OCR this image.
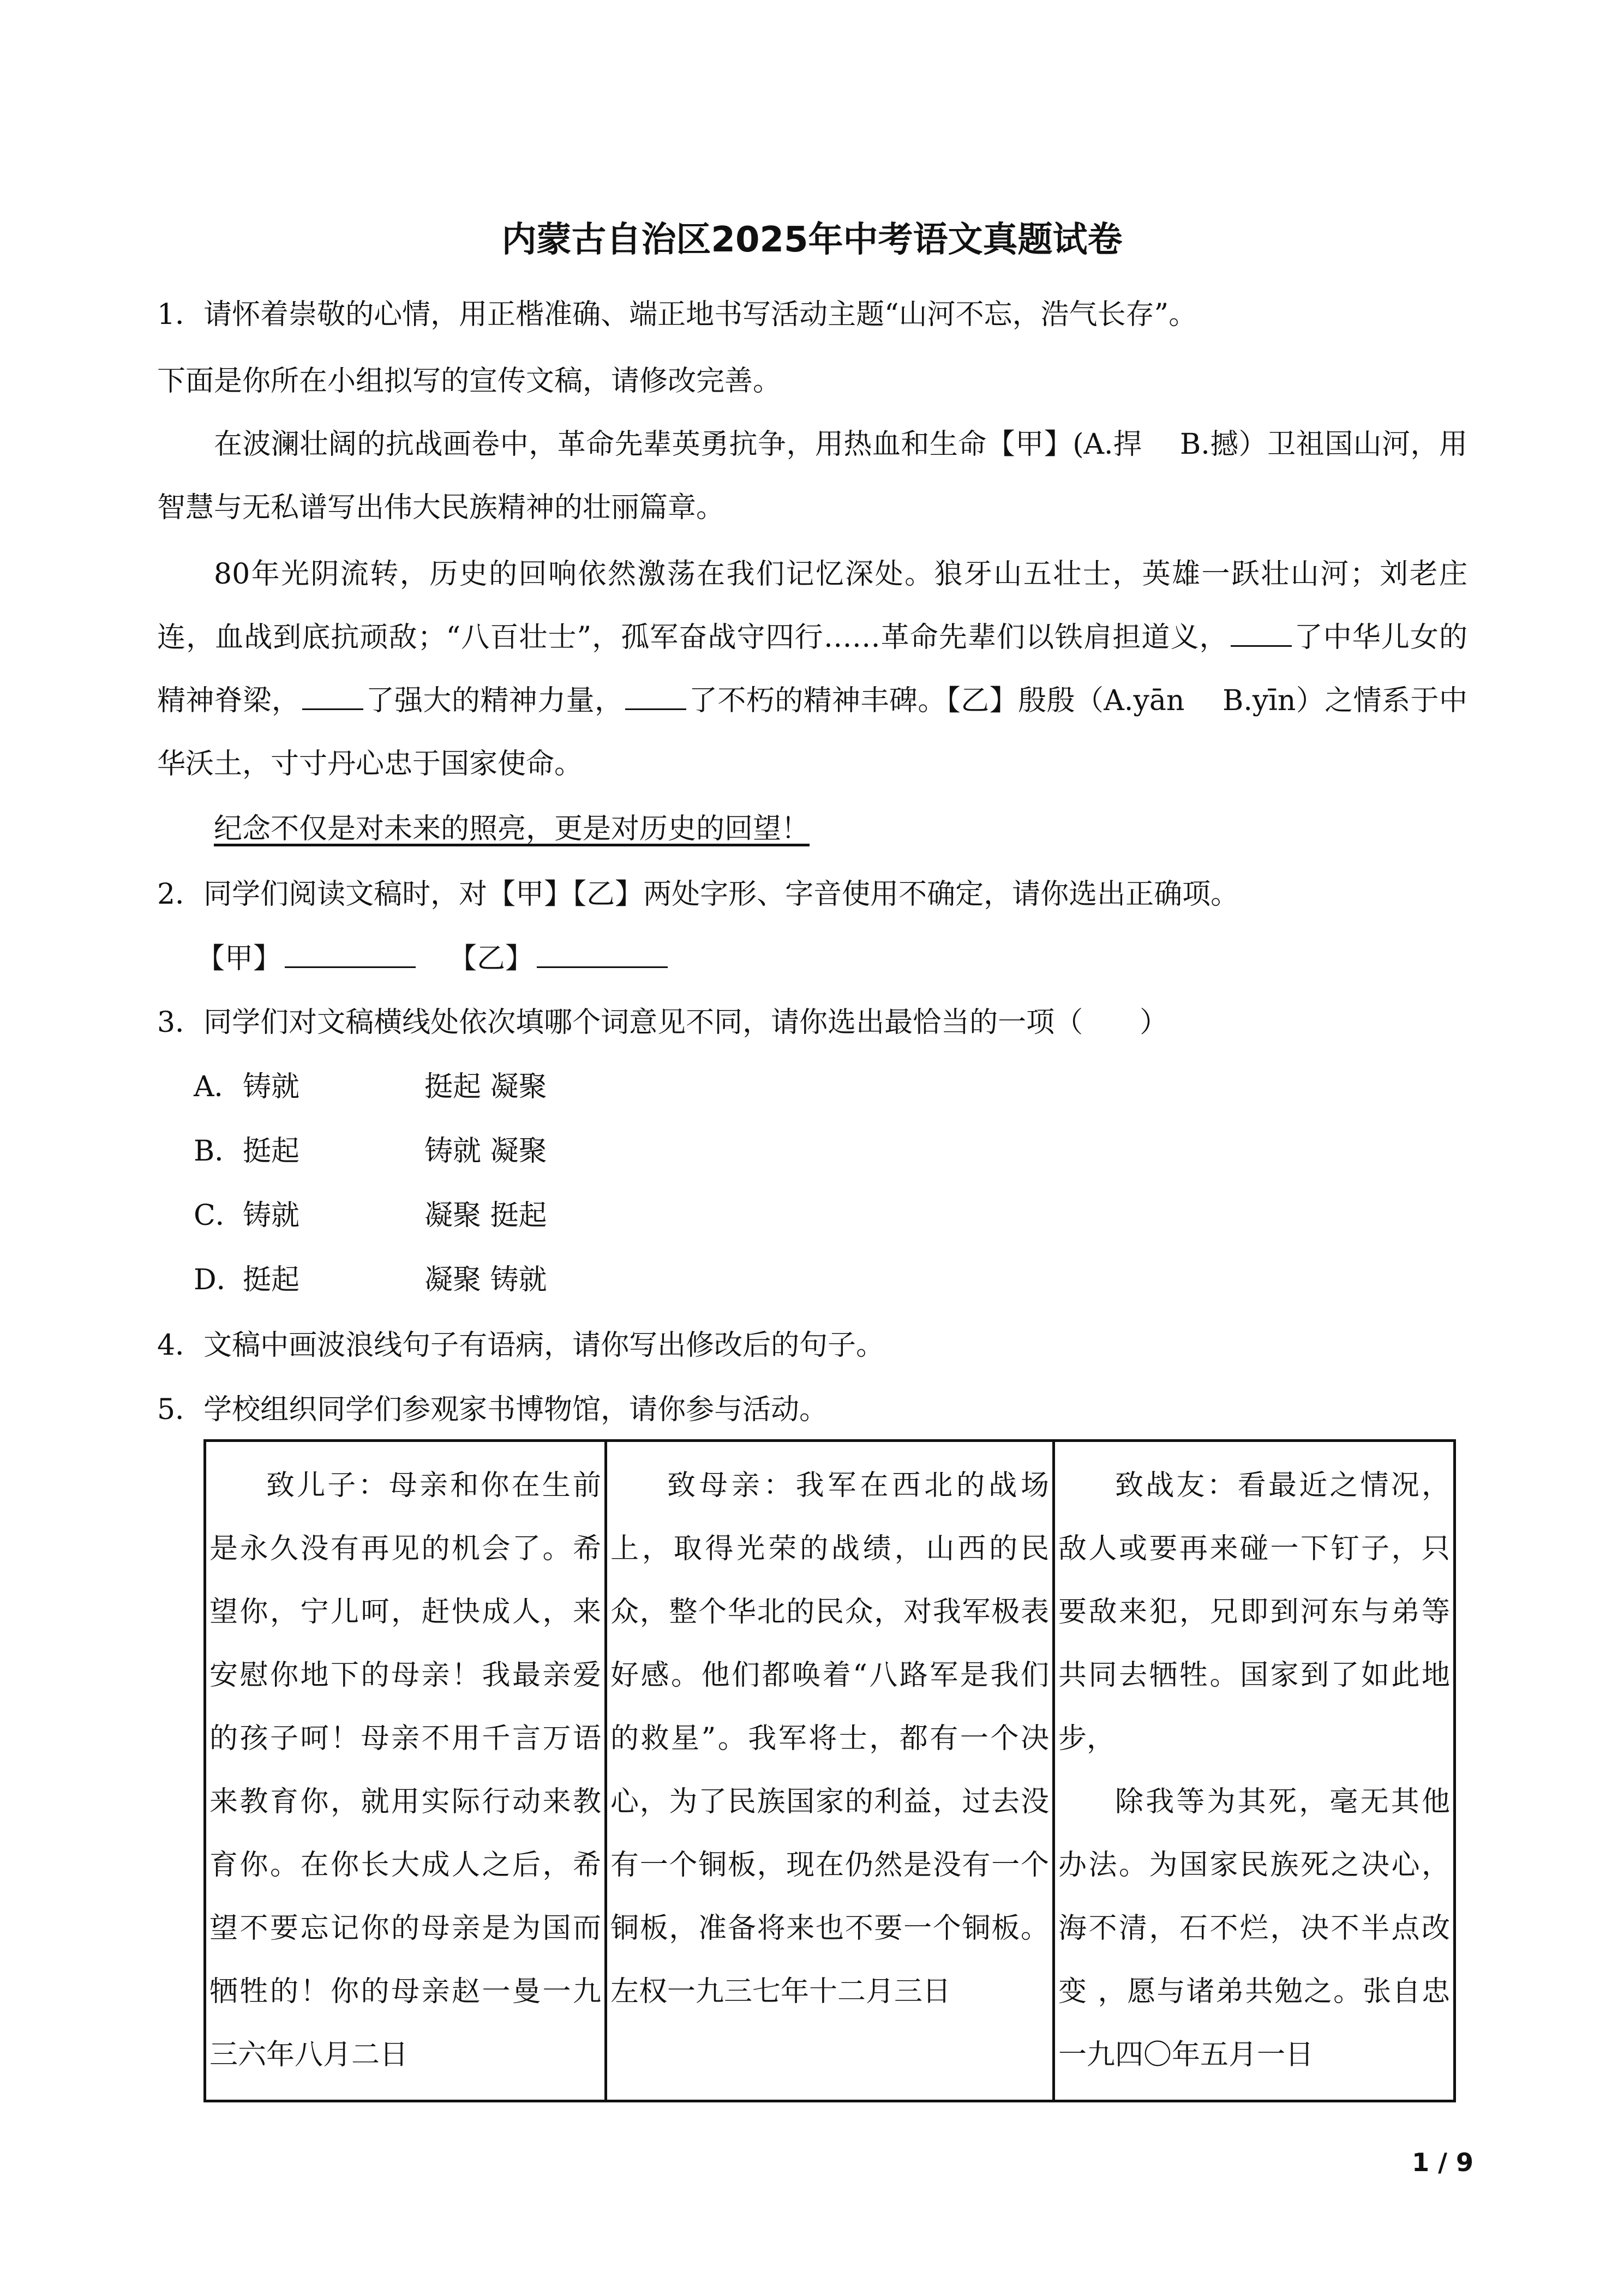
内蒙古自治区2025年中考语文真题试卷

1．请怀着崇敬的心情，用正楷准确、端正地书写活动主题“山河不忘，浩气长存”。

下面是你所在小组拟写的宣传文稿，请修改完善。

在波澜壮阔的抗战画卷中，革命先辈英勇抗争，用热血和生命【甲】(A.捍　 B.撼）卫祖国山河，用智慧与无私谱写出伟大民族精神的壮丽篇章。

80年光阴流转，历史的回响依然激荡在我们记忆深处。狼牙山五壮士，英雄一跃壮山河；刘老庄连，血战到底抗顽敌；“八百壮士”，孤军奋战守四行……革命先辈们以铁肩担道义， 了中华儿女的精神脊梁， 了强大的精神力量， 了不朽的精神丰碑。【乙】殷殷（A.yān　 B.yīn）之情系于中华沃土，寸寸丹心忠于国家使命。

纪念不仅是对未来的照亮，更是对历史的回望！

2．同学们阅读文稿时，对【甲】【乙】两处字形、字音使用不确定，请你选出正确项。

【甲】	【乙】

3．同学们对文稿横线处依次填哪个词意见不同，请你选出最恰当的一项（　　）

A． 铸就	挺起 凝聚
B． 挺起	铸就 凝聚
C．
铸就	凝聚 挺起
D．
挺起	凝聚 铸就

4．文稿中画波浪线句子有语病，请你写出修改后的句子。

5．学校组织同学们参观家书博物馆，请你参与活动。

致儿子：母亲和你在生前是永久没有再见的机会了。希望你，宁儿呵，赶快成人，来安慰你地下的母亲！我最亲爱的孩子呵！母亲不用千言万语来教育你，就用实际行动来教育你。在你长大成人之后，希望不要忘记你的母亲是为国而牺牲的！你的母亲赵一曼一九三六年八月二日

致母亲：我军在西北的战场上，取得光荣的战绩，山西的民众，整个华北的民众，对我军极表好感。他们都唤着“八路军是我们的救星”。我军将士，都有一个决心，为了民族国家的利益，过去没有一个铜板，现在仍然是没有一个铜板，准备将来也不要一个铜板。左权一九三七年十二月三日

致战友：看最近之情况，敌人或要再来碰一下钉子，只要敌来犯，兄即到河东与弟等共同去牺牲。国家到了如此地步，
除我等为其死，毫无其他办法。为国家民族死之决心，海不清，石不烂，决不半点改变 ，愿与诸弟共勉之。张自忠一九四〇年五月一日
1 / 9
